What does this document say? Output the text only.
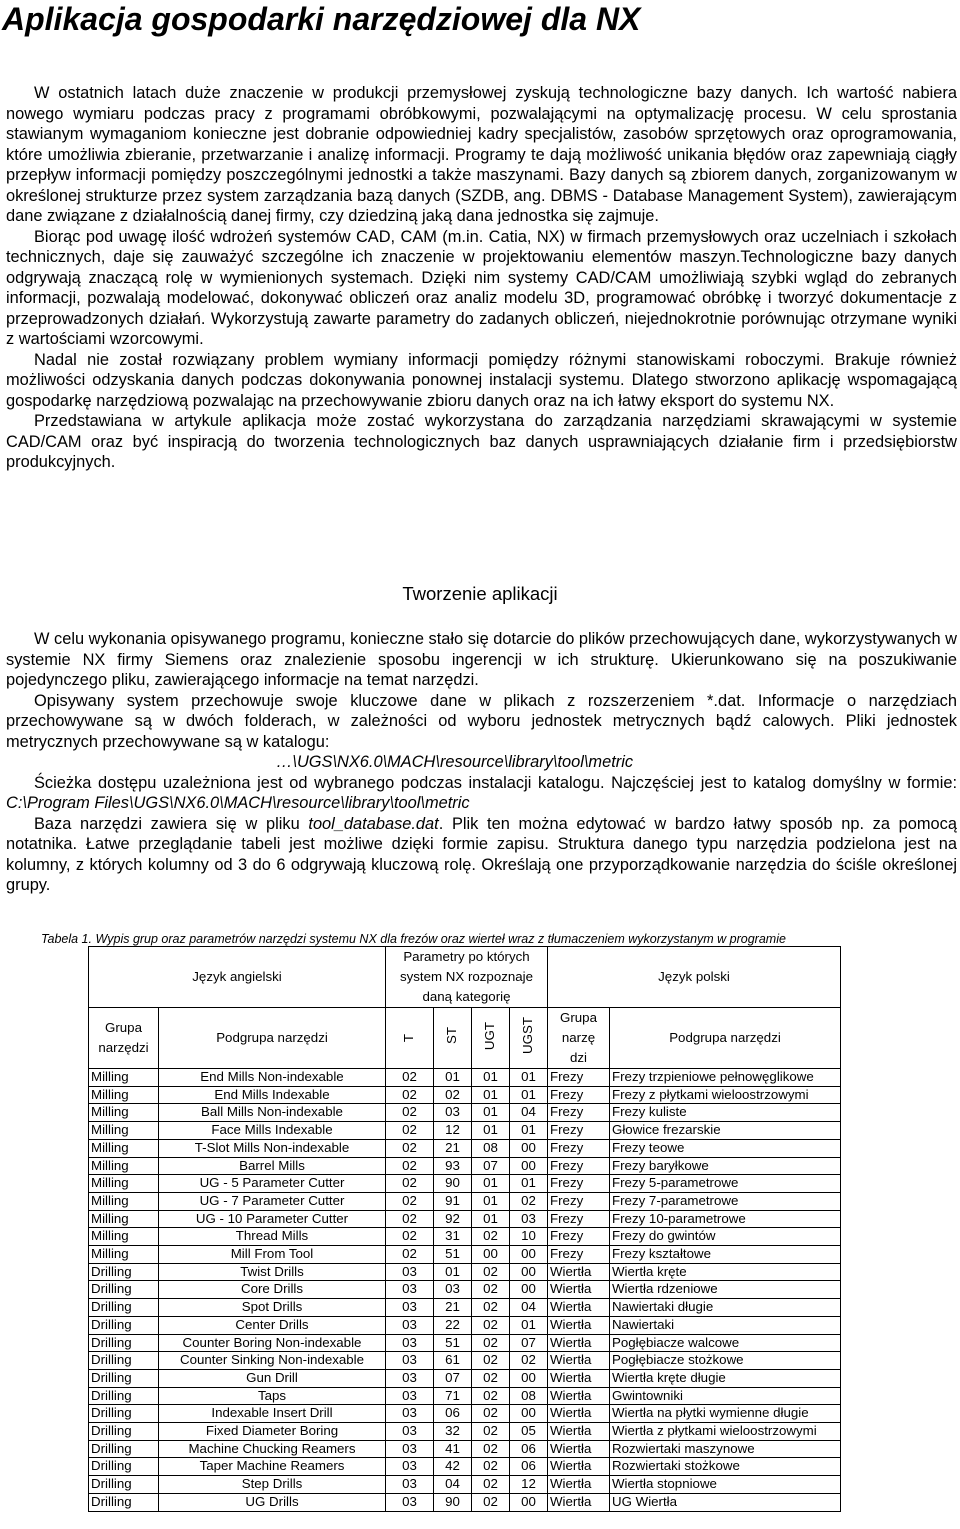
Aplikacja gospodarki narzędziowej dla NX

W ostatnich latach duże znaczenie w produkcji przemysłowej zyskują technologiczne bazy danych. Ich wartość nabiera nowego wymiaru podczas pracy z programami obróbkowymi, pozwalającymi na optymalizację procesu. W celu sprostania stawianym wymaganiom konieczne jest dobranie odpowiedniej kadry specjalistów, zasobów sprzętowych oraz oprogramowania, które umożliwia zbieranie, przetwarzanie i analizę informacji. Programy te dają możliwość unikania błędów oraz zapewniają ciągły przepływ informacji pomiędzy poszczególnymi jednostki a także maszynami. Bazy danych są zbiorem danych, zorganizowanym w określonej strukturze przez system zarządzania bazą danych (SZDB, ang. DBMS - Database Management System), zawierającym dane związane z działalnością danej firmy, czy dziedziną jaką dana jednostka się zajmuje.

Biorąc pod uwagę ilość wdrożeń systemów CAD, CAM (m.in. Catia, NX) w firmach przemysłowych oraz uczelniach i szkołach technicznych, daje się zauważyć szczególne ich znaczenie w projektowaniu elementów maszyn.Technologiczne bazy danych odgrywają znaczącą rolę w wymienionych systemach. Dzięki nim systemy CAD/CAM umożliwiają szybki wgląd do zebranych informacji, pozwalają modelować, dokonywać obliczeń oraz analiz modelu 3D, programować obróbkę i tworzyć dokumentacje z przeprowadzonych działań. Wykorzystują zawarte parametry do zadanych obliczeń, niejednokrotnie porównując otrzymane wyniki z wartościami wzorcowymi.

Nadal nie został rozwiązany problem wymiany informacji pomiędzy różnymi stanowiskami roboczymi. Brakuje również możliwości odzyskania danych podczas dokonywania ponownej instalacji systemu. Dlatego stworzono aplikację wspomagającą gospodarkę narzędziową pozwalając na przechowywanie zbioru danych oraz na ich łatwy eksport do systemu NX.

Przedstawiana w artykule aplikacja może zostać wykorzystana do zarządzania narzędziami skrawającymi w systemie CAD/CAM oraz być inspiracją do tworzenia technologicznych baz danych usprawniających działanie firm i przedsiębiorstw produkcyjnych.

Tworzenie aplikacji

W celu wykonania opisywanego programu, konieczne stało się dotarcie do plików przechowujących dane, wykorzystywanych w systemie NX firmy Siemens oraz znalezienie sposobu ingerencji w ich strukturę. Ukierunkowano się na poszukiwanie pojedynczego pliku, zawierającego informacje na temat narzędzi.

Opisywany system przechowuje swoje kluczowe dane w plikach z rozszerzeniem *.dat. Informacje o narzędziach przechowywane są w dwóch folderach, w zależności od wyboru jednostek metrycznych bądź calowych. Pliki jednostek metrycznych przechowywane są w katalogu:

…\UGS\NX6.0\MACH\resource\library\tool\metric

Ścieżka dostępu uzależniona jest od wybranego podczas instalacji katalogu. Najczęściej jest to katalog domyślny w formie: C:\Program Files\UGS\NX6.0\MACH\resource\library\tool\metric

Baza narzędzi zawiera się w pliku tool_database.dat. Plik ten można edytować w bardzo łatwy sposób np. za pomocą notatnika. Łatwe przeglądanie tabeli jest możliwe dzięki formie zapisu. Struktura danego typu narzędzia podzielona jest na kolumny, z których kolumny od 3 do 6 odgrywają kluczową rolę. Określają one przyporządkowanie narzędzia do ściśle określonej grupy.

Tabela 1. Wypis grup oraz parametrów narzędzi systemu NX dla frezów oraz wierteł wraz z tłumaczeniem wykorzystanym w programie
Język angielski		Parametry po których system NX rozpoznaje daną kategorię				Język polski	
Grupa narzędzi	Podgrupa narzędzi	T	ST	UGT	UGST	Grupa narzę dzi	Podgrupa narzędzi
Milling	End Mills Non-indexable	02	01	01	01	Frezy	Frezy trzpieniowe pełnowęglikowe
Milling	End Mills Indexable	02	02	01	01	Frezy	Frezy z płytkami wieloostrzowymi
Milling	Ball Mills Non-indexable	02	03	01	04	Frezy	Frezy kuliste
Milling	Face Mills Indexable	02	12	01	01	Frezy	Głowice frezarskie
Milling	T-Slot Mills Non-indexable	02	21	08	00	Frezy	Frezy teowe
Milling	Barrel Mills	02	93	07	00	Frezy	Frezy baryłkowe
Milling	UG - 5 Parameter Cutter	02	90	01	01	Frezy	Frezy 5-parametrowe
Milling	UG - 7 Parameter Cutter	02	91	01	02	Frezy	Frezy 7-parametrowe
Milling	UG - 10 Parameter Cutter	02	92	01	03	Frezy	Frezy 10-parametrowe
Milling	Thread Mills	02	31	02	10	Frezy	Frezy do gwintów
Milling	Mill From Tool	02	51	00	00	Frezy	Frezy kształtowe
Drilling	Twist Drills	03	01	02	00	Wiertła	Wiertła kręte
Drilling	Core Drills	03	03	02	00	Wiertła	Wiertła rdzeniowe
Drilling	Spot Drills	03	21	02	04	Wiertła	Nawiertaki długie
Drilling	Center Drills	03	22	02	01	Wiertła	Nawiertaki
Drilling	Counter Boring Non-indexable	03	51	02	07	Wiertła	Pogłębiacze walcowe
Drilling	Counter Sinking Non-indexable	03	61	02	02	Wiertła	Pogłębiacze stożkowe
Drilling	Gun Drill	03	07	02	00	Wiertła	Wiertła kręte długie
Drilling	Taps	03	71	02	08	Wiertła	Gwintowniki
Drilling	Indexable Insert Drill	03	06	02	00	Wiertła	Wiertła na płytki wymienne długie
Drilling	Fixed Diameter Boring	03	32	02	05	Wiertła	Wiertła z płytkami wieloostrzowymi
Drilling	Machine Chucking Reamers	03	41	02	06	Wiertła	Rozwiertaki maszynowe
Drilling	Taper Machine Reamers	03	42	02	06	Wiertła	Rozwiertaki stożkowe
Drilling	Step Drills	03	04	02	12	Wiertła	Wiertła stopniowe
Drilling	UG Drills	03	90	02	00	Wiertła	UG Wiertła
